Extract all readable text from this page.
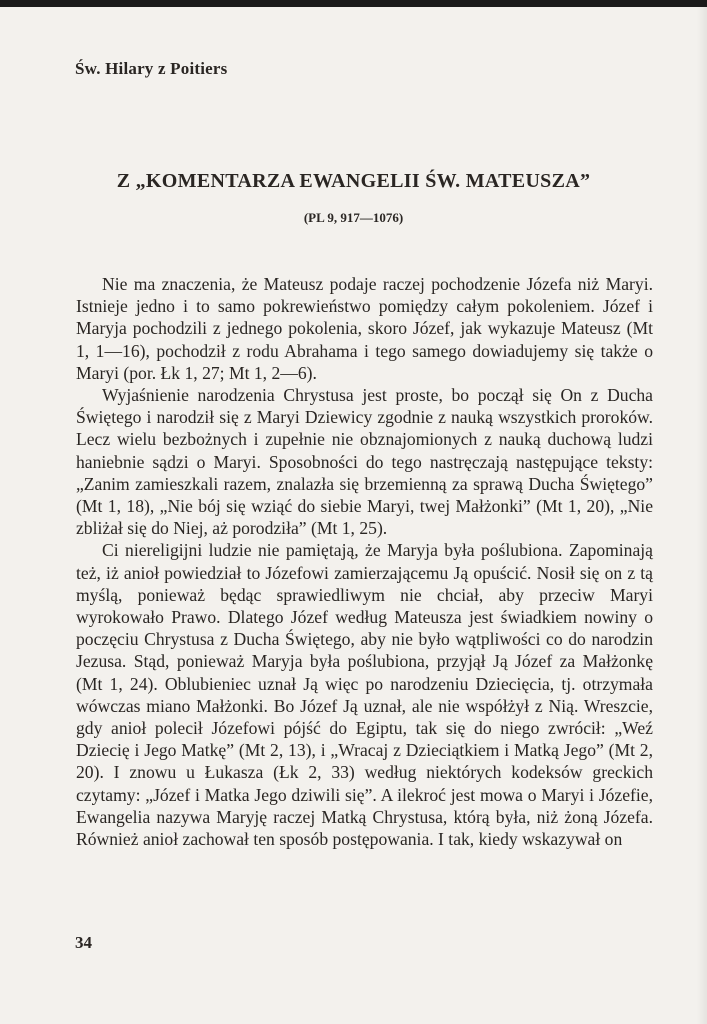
Św. Hilary z Poitiers
Z „KOMENTARZA EWANGELII ŚW. MATEUSZA”
(PL 9, 917—1076)

Nie ma znaczenia, że Mateusz podaje raczej pochodzenie Józefa niż Maryi. Istnieje jedno i to samo pokrewieństwo pomiędzy całym pokoleniem. Józef i Maryja pochodzili z jednego pokolenia, skoro Józef, jak wykazuje Mateusz (Mt 1, 1—16), pochodził z rodu Abrahama i tego samego dowiadujemy się także o Maryi (por. Łk 1, 27; Mt 1, 2—6).

Wyjaśnienie narodzenia Chrystusa jest proste, bo począł się On z Ducha Świętego i narodził się z Maryi Dziewicy zgodnie z nauką wszystkich proroków. Lecz wielu bezbożnych i zupełnie nie obznajomionych z nauką duchową ludzi haniebnie sądzi o Maryi. Sposobności do tego nastręczają następujące teksty: „Zanim zamieszkali razem, znalazła się brzemienną za sprawą Ducha Świętego” (Mt 1, 18), „Nie bój się wziąć do siebie Maryi, twej Małżonki” (Mt 1, 20), „Nie zbliżał się do Niej, aż porodziła” (Mt 1, 25).

Ci niereligijni ludzie nie pamiętają, że Maryja była poślubiona. Zapominają też, iż anioł powiedział to Józefowi zamierzającemu Ją opuścić. Nosił się on z tą myślą, ponieważ będąc sprawiedliwym nie chciał, aby przeciw Maryi wyrokowało Prawo. Dlatego Józef według Mateusza jest świadkiem nowiny o poczęciu Chrystusa z Ducha Świętego, aby nie było wątpliwości co do narodzin Jezusa. Stąd, ponieważ Maryja była poślubiona, przyjął Ją Józef za Małżonkę (Mt 1, 24). Oblubieniec uznał Ją więc po narodzeniu Dziecięcia, tj. otrzymała wówczas miano Małżonki. Bo Józef Ją uznał, ale nie współżył z Nią. Wreszcie, gdy anioł polecił Józefowi pójść do Egiptu, tak się do niego zwrócił: „Weź Dziecię i Jego Matkę” (Mt 2, 13), i „Wracaj z Dzieciątkiem i Matką Jego” (Mt 2, 20). I znowu u Łukasza (Łk 2, 33) według niektórych kodeksów greckich czytamy: „Józef i Matka Jego dziwili się”. A ilekroć jest mowa o Maryi i Józefie, Ewangelia nazywa Maryję raczej Matką Chrystusa, którą była, niż żoną Józefa. Również anioł zachował ten sposób postępowania. I tak, kiedy wskazywał on

34
